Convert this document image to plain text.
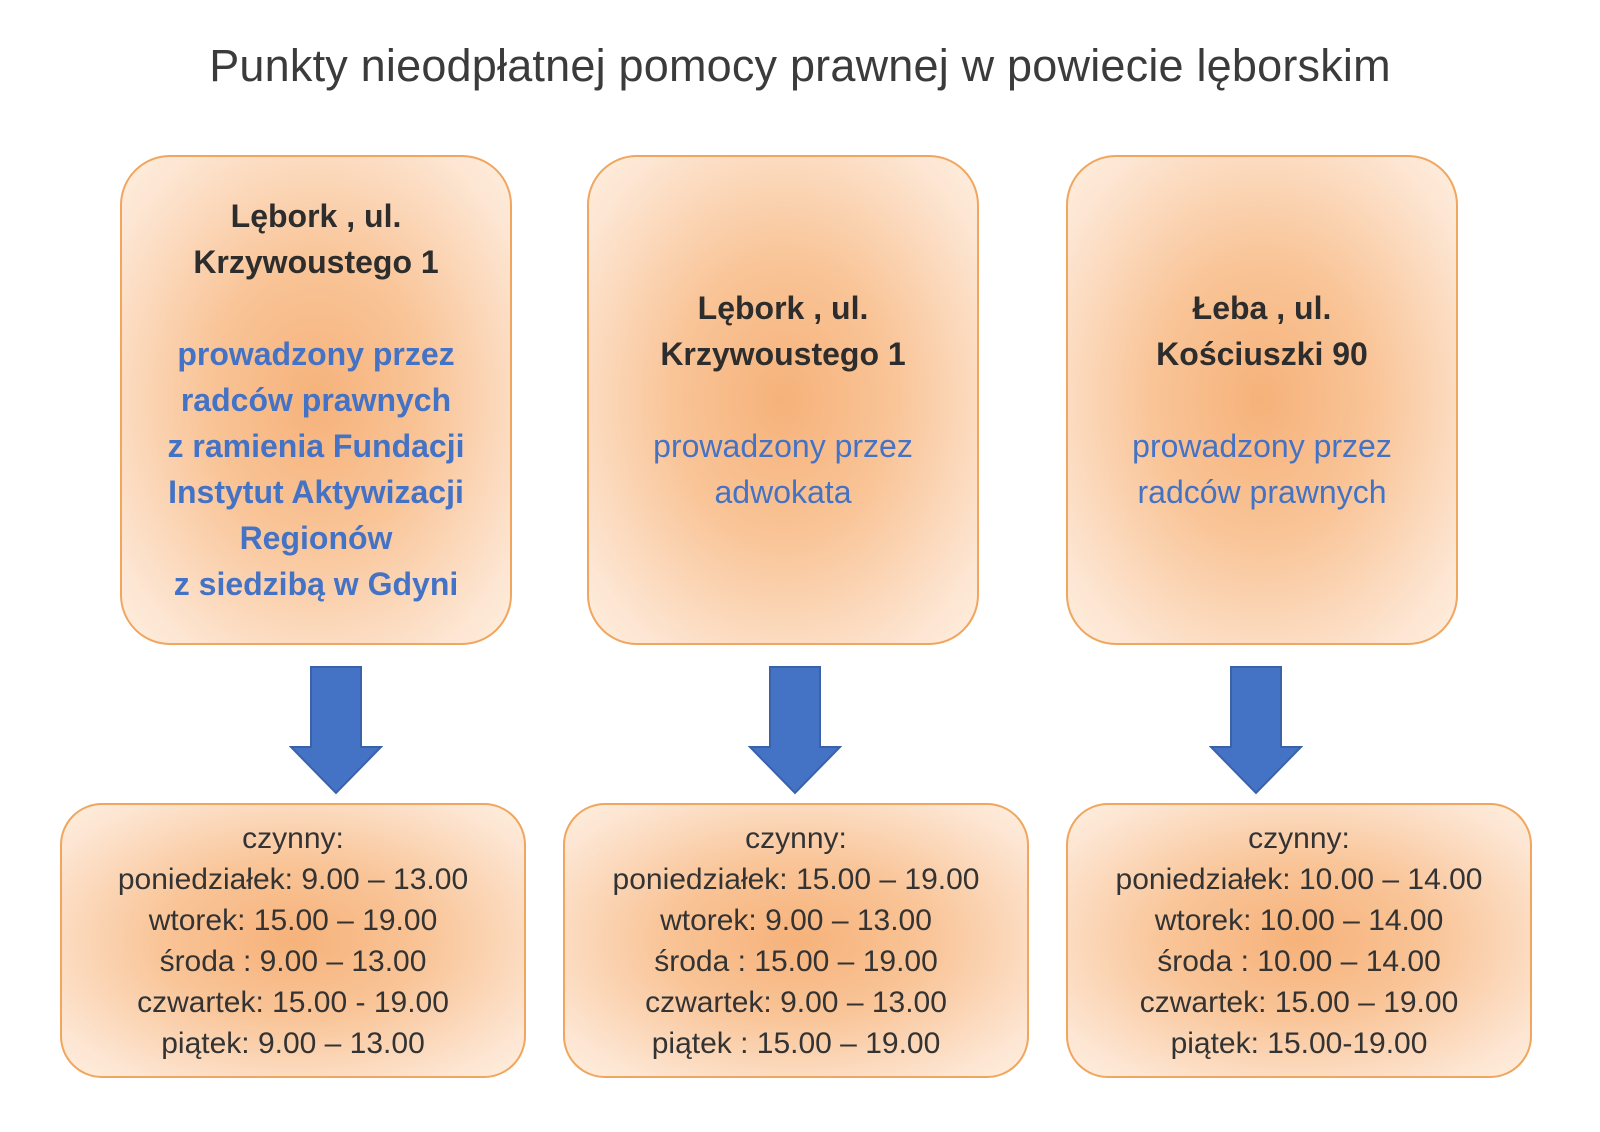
Punkty nieodpłatnej pomocy prawnej w powiecie lęborskim
Lębork , ul.
Krzywoustego 1
prowadzony przez
radców prawnych
z ramienia Fundacji
Instytut Aktywizacji
Regionów
z siedzibą w Gdyni
czynny:
poniedziałek: 9.00 – 13.00
wtorek: 15.00 – 19.00
środa : 9.00 – 13.00
czwartek: 15.00 - 19.00
piątek: 9.00 – 13.00
Lębork , ul.
Krzywoustego 1
prowadzony przez
adwokata
czynny:
poniedziałek: 15.00 – 19.00
wtorek: 9.00 – 13.00
środa : 15.00 – 19.00
czwartek: 9.00 – 13.00
piątek : 15.00 – 19.00
Łeba , ul.
Kościuszki 90
prowadzony przez
radców prawnych
czynny:
poniedziałek: 10.00 – 14.00
wtorek: 10.00 – 14.00
środa : 10.00 – 14.00
czwartek: 15.00 – 19.00
piątek: 15.00-19.00
